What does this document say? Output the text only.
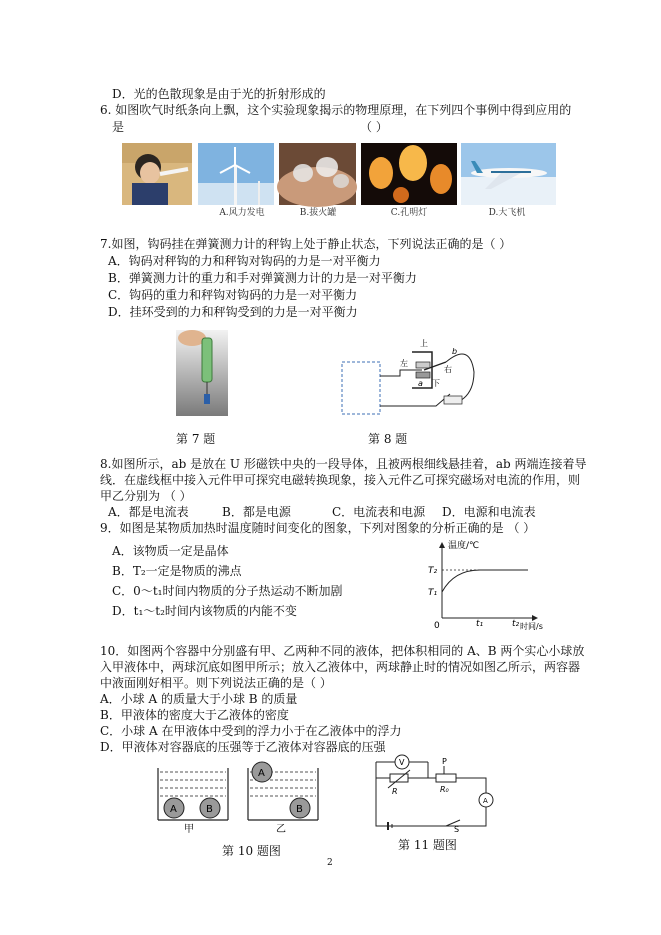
D．光的色散现象是由于光的折射形成的
6. 如图吹气时纸条向上飘，这个实验现象揭示的物理原理，在下列四个事例中得到应用的
是	（ ）
A.风力发电	B.拔火罐	C.孔明灯	D.大飞机
7.如图，钩码挂在弹簧测力计的秤钩上处于静止状态，下列说法正确的是（ ）
A．钩码对秤钩的力和秤钩对钩码的力是一对平衡力
B．弹簧测力计的重力和手对弹簧测力计的力是一对平衡力
C．钩码的重力和秤钩对钩码的力是一对平衡力
D．挂环受到的力和秤钩受到的力是一对平衡力
第 7 题
上
左
右
下
a
b
第 8 题
8.如图所示，ab 是放在 U 形磁铁中央的一段导体，且被两根细线悬挂着，ab 两端连接着导
线．在虚线框中接入元件甲可探究电磁转换现象，接入元件乙可探究磁场对电流的作用，则
甲乙分别为 （ ）
A．都是电流表	B．都是电源	C．电流表和电源 D．电源和电流表
9．如图是某物质加热时温度随时间变化的图象，下列对图象的分析正确的是 （ ）
A．该物质一定是晶体
B．T₂一定是物质的沸点
C．0～t₁时间内物质的分子热运动不断加剧
D．t₁～t₂时间内该物质的内能不变
温度/℃
T₂
T₁
0	t₁	t₂ 时间/s
10．如图两个容器中分别盛有甲、乙两种不同的液体，把体积相同的 A、B 两个实心小球放
入甲液体中，两球沉底如图甲所示；放入乙液体中，两球静止时的情况如图乙所示，两容器
中液面刚好相平。则下列说法正确的是（ ）
A．小球 A 的质量大于小球 B 的质量
B．甲液体的密度大于乙液体的密度
C．小球 A 在甲液体中受到的浮力小于在乙液体中的浮力
D．甲液体对容器底的压强等于乙液体对容器底的压强
A	B
甲
A
B
乙
第 10 题图
V
A
R	R₀
P
S
第 11 题图
2
